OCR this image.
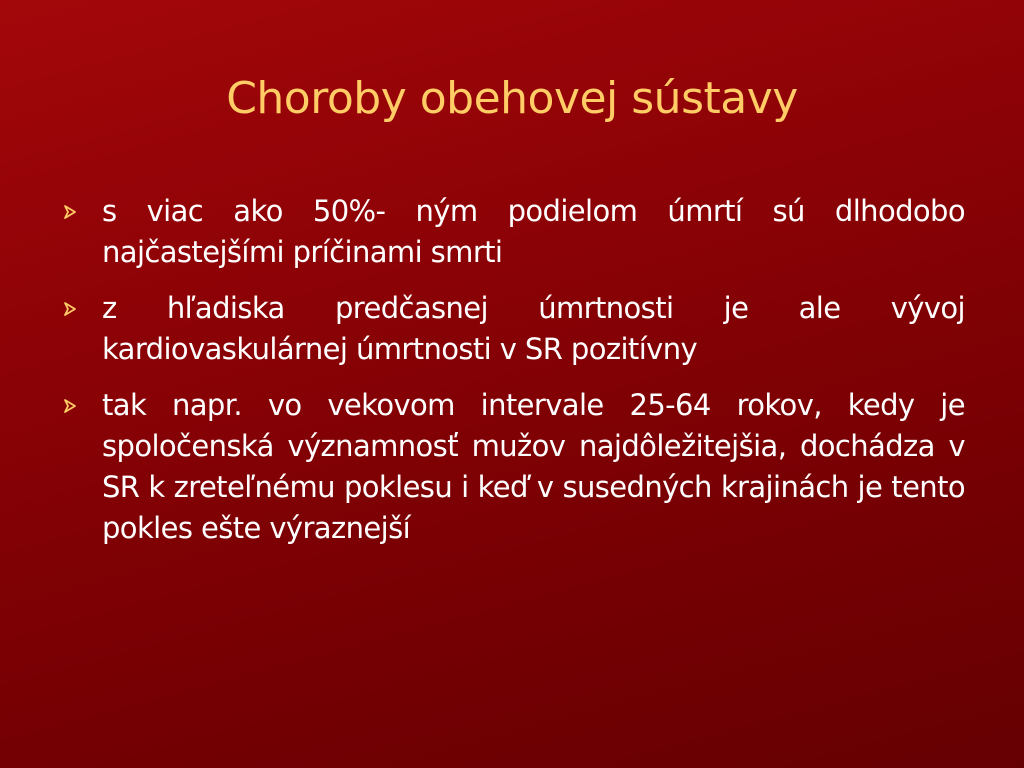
Choroby obehovej sústavy
s viac ako 50%- ným podielom úmrtí sú dlhodobo najčastejšími príčinami smrti
z hľadiska predčasnej úmrtnosti je ale vývoj kardiovaskulárnej úmrtnosti v SR pozitívny
tak napr. vo vekovom intervale 25-64 rokov, kedy je spoločenská významnosť mužov najdôležitejšia, dochádza v SR k zreteľnému poklesu i keď v susedných krajinách je tento pokles ešte výraznejší
